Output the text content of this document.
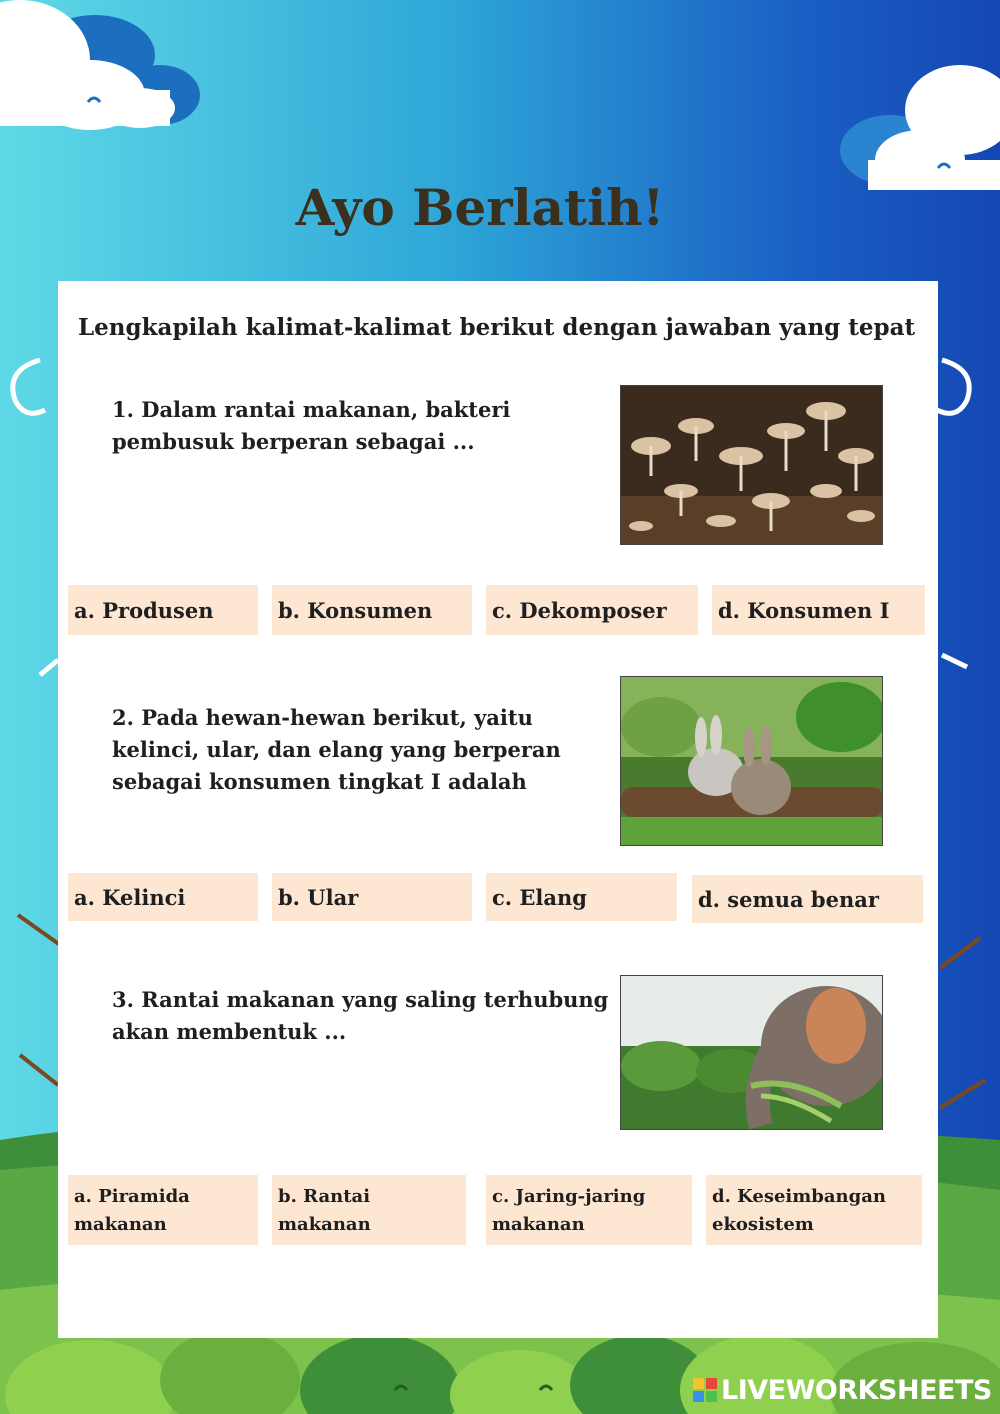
Ayo Berlatih!
Lengkapilah kalimat-kalimat berikut dengan jawaban yang tepat
1. Dalam rantai makanan, bakteri pembusuk berperan sebagai ...
a. Produsen	b. Konsumen	c. Dekomposer	d. Konsumen I
2. Pada hewan-hewan berikut, yaitu kelinci, ular, dan elang yang berperan sebagai konsumen tingkat I adalah
a. Kelinci	b. Ular	c. Elang	d. semua benar
3. Rantai makanan yang saling terhubung akan membentuk ...
a. Piramida makanan
b. Rantai makanan
c. Jaring-jaring makanan
d. Keseimbangan ekosistem
LIVEWORKSHEETS
